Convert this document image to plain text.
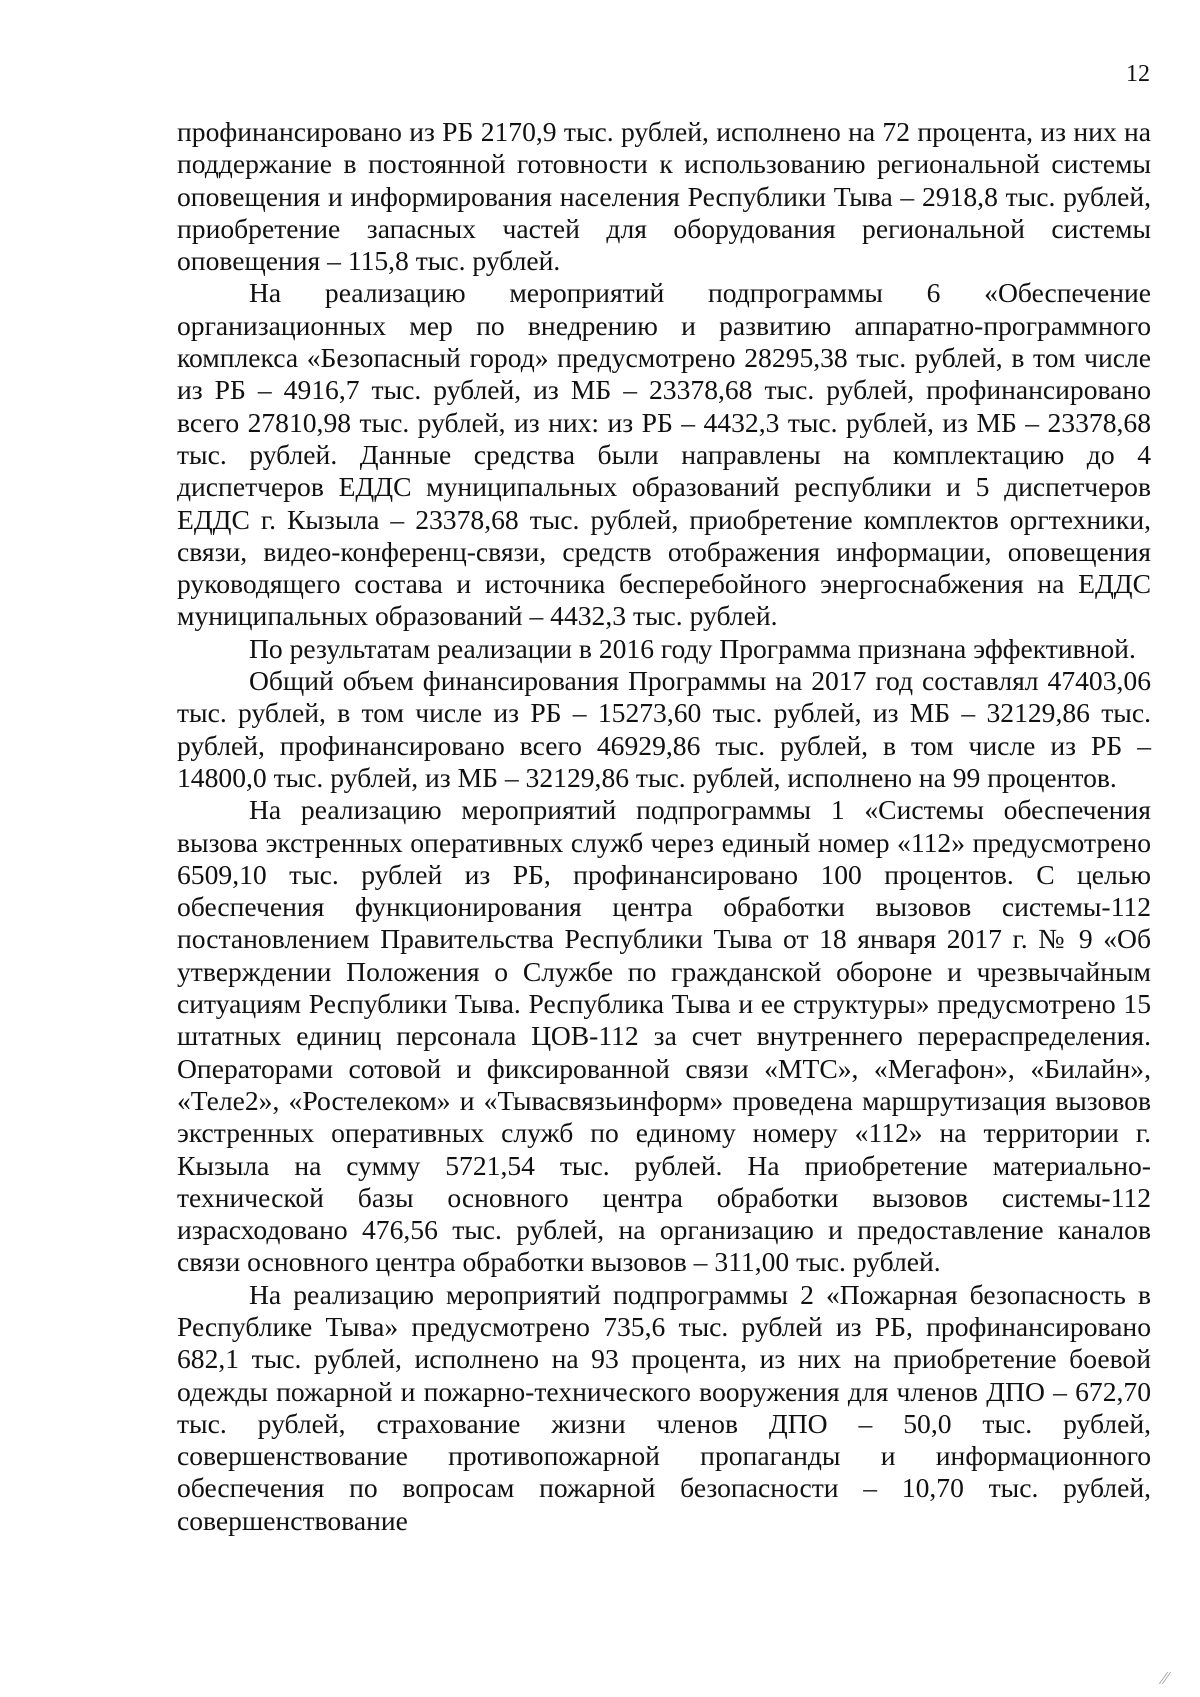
12

профинансировано из РБ 2170,9 тыс. рублей, исполнено на 72 процента, из них на поддержание в постоянной готовности к использованию региональной системы оповещения и информирования населения Республики Тыва – 2918,8 тыс. рублей, приобретение запасных частей для оборудования региональной системы оповещения – 115,8 тыс. рублей.

На реализацию мероприятий подпрограммы 6 «Обеспечение организационных мер по внедрению и развитию аппаратно-программного комплекса «Безопасный город» предусмотрено 28295,38 тыс. рублей, в том числе из РБ – 4916,7 тыс. рублей, из МБ – 23378,68 тыс. рублей, профинансировано всего 27810,98 тыс. рублей, из них: из РБ – 4432,3 тыс. рублей, из МБ – 23378,68 тыс. рублей. Данные средства были направлены на комплектацию до 4 диспетчеров ЕДДС муниципальных образований республики и 5 диспетчеров ЕДДС г. Кызыла – 23378,68 тыс. рублей, приобретение комплектов оргтехники, связи, видео-конференц-связи, средств отображения информации, оповещения руководящего состава и источника бесперебойного энергоснабжения на ЕДДС муниципальных образований – 4432,3 тыс. рублей.

По результатам реализации в 2016 году Программа признана эффективной.

Общий объем финансирования Программы на 2017 год составлял 47403,06 тыс. рублей, в том числе из РБ – 15273,60 тыс. рублей, из МБ – 32129,86 тыс. рублей, профинансировано всего 46929,86 тыс. рублей, в том числе из РБ – 14800,0 тыс. рублей, из МБ – 32129,86 тыс. рублей, исполнено на 99 процентов.

На реализацию мероприятий подпрограммы 1 «Системы обеспечения вызова экстренных оперативных служб через единый номер «112» предусмотрено 6509,10 тыс. рублей из РБ, профинансировано 100 процентов. С целью обеспечения функционирования центра обработки вызовов системы-112 постановлением Правительства Республики Тыва от 18 января 2017 г. № 9 «Об утверждении Положения о Службе по гражданской обороне и чрезвычайным ситуациям Республики Тыва. Республика Тыва и ее структуры» предусмотрено 15 штатных единиц персонала ЦОВ-112 за счет внутреннего перераспределения. Операторами сотовой и фиксированной связи «МТС», «Мегафон», «Билайн», «Теле2», «Ростелеком» и «Тывасвязьинформ» проведена маршрутизация вызовов экстренных оперативных служб по единому номеру «112» на территории г. Кызыла на сумму 5721,54 тыс. рублей. На приобретение материально-технической базы основного центра обработки вызовов системы-112 израсходовано 476,56 тыс. рублей, на организацию и предоставление каналов связи основного центра обработки вызовов – 311,00 тыс. рублей.

На реализацию мероприятий подпрограммы 2 «Пожарная безопасность в Республике Тыва» предусмотрено 735,6 тыс. рублей из РБ, профинансировано 682,1 тыс. рублей, исполнено на 93 процента, из них на приобретение боевой одежды пожарной и пожарно-технического вооружения для членов ДПО – 672,70 тыс. рублей, страхование жизни членов ДПО – 50,0 тыс. рублей, совершенствование противопожарной пропаганды и информационного обеспечения по вопросам пожарной безопасности – 10,70 тыс. рублей, совершенствование

⁄⁄
